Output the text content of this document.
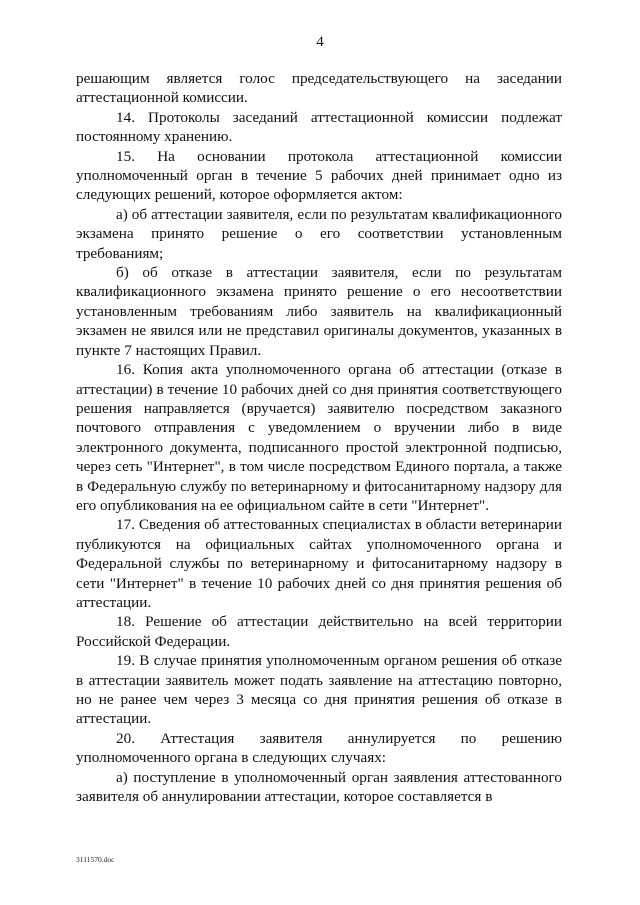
4

решающим является голос председательствующего на заседании аттестационной комиссии.

14. Протоколы заседаний аттестационной комиссии подлежат постоянному хранению.

15. На основании протокола аттестационной комиссии уполномоченный орган в течение 5 рабочих дней принимает одно из следующих решений, которое оформляется актом:

а) об аттестации заявителя, если по результатам квалификационного экзамена принято решение о его соответствии установленным требованиям;

б) об отказе в аттестации заявителя, если по результатам квалификационного экзамена принято решение о его несоответствии установленным требованиям либо заявитель на квалификационный экзамен не явился или не представил оригиналы документов, указанных в пункте 7 настоящих Правил.

16. Копия акта уполномоченного органа об аттестации (отказе в аттестации) в течение 10 рабочих дней со дня принятия соответствующего решения направляется (вручается) заявителю посредством заказного почтового отправления с уведомлением о вручении либо в виде электронного документа, подписанного простой электронной подписью, через сеть "Интернет", в том числе посредством Единого портала, а также в Федеральную службу по ветеринарному и фитосанитарному надзору для его опубликования на ее официальном сайте в сети "Интернет".

17. Сведения об аттестованных специалистах в области ветеринарии публикуются на официальных сайтах уполномоченного органа и Федеральной службы по ветеринарному и фитосанитарному надзору в сети "Интернет" в течение 10 рабочих дней со дня принятия решения об аттестации.

18. Решение об аттестации действительно на всей территории Российской Федерации.

19. В случае принятия уполномоченным органом решения об отказе в аттестации заявитель может подать заявление на аттестацию повторно, но не ранее чем через 3 месяца со дня принятия решения об отказе в аттестации.

20. Аттестация заявителя аннулируется по решению уполномоченного органа в следующих случаях:

а) поступление в уполномоченный орган заявления аттестованного заявителя об аннулировании аттестации, которое составляется в

3111570.doc
